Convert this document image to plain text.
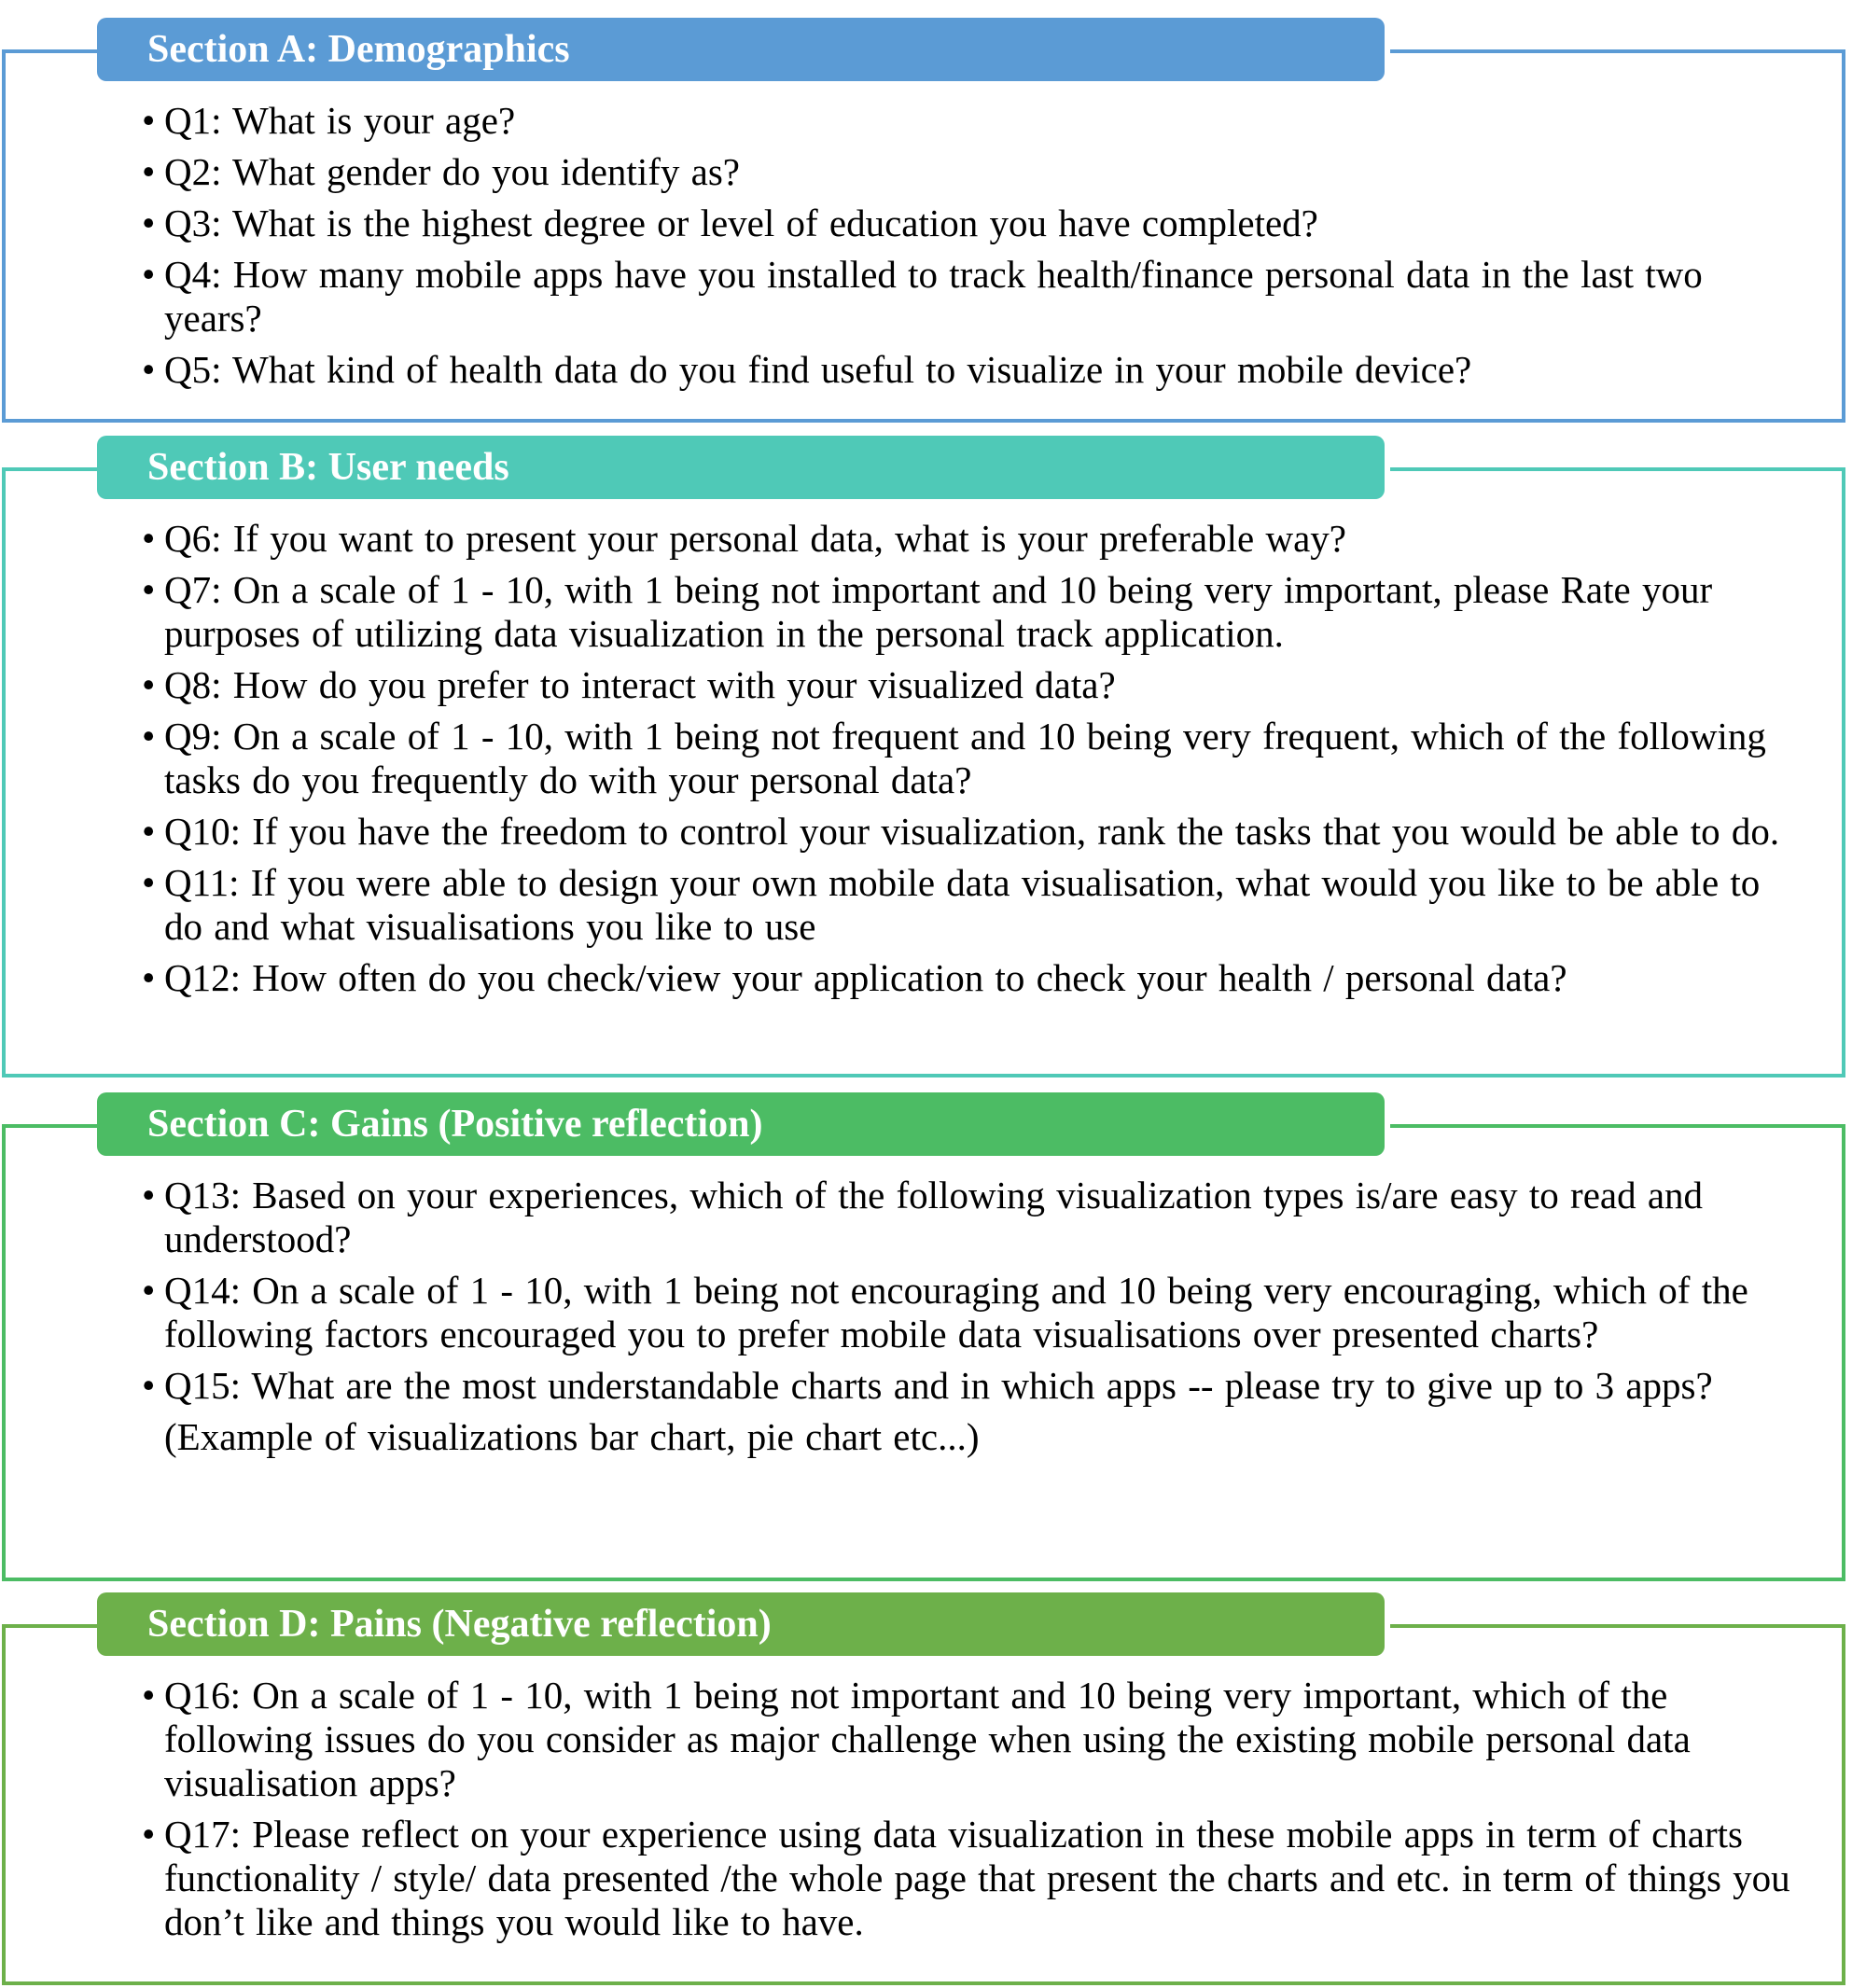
Section A: Demographics
• Q1: What is your age?
• Q2: What gender do you identify as?
• Q3: What is the highest degree or level of education you have completed?
• Q4: How many mobile apps have you installed to track health/finance personal data in the last two years?
• Q5: What kind of health data do you find useful to visualize in your mobile device?
Section B: User needs
• Q6: If you want to present your personal data, what is your preferable way?
• Q7: On a scale of 1 - 10, with 1 being not important and 10 being very important, please Rate your purposes of utilizing data visualization in the personal track application.
• Q8: How do you prefer to interact with your visualized data?
• Q9: On a scale of 1 - 10, with 1 being not frequent and 10 being very frequent, which of the following tasks do you frequently do with your personal data?
• Q10: If you have the freedom to control your visualization, rank the tasks that you would be able to do.
• Q11: If you were able to design your own mobile data visualisation, what would you like to be able to do and what visualisations you like to use
• Q12: How often do you check/view your application to check your health / personal data?
Section C: Gains (Positive reflection)
• Q13: Based on your experiences, which of the following visualization types is/are easy to read and understood?
• Q14: On a scale of 1 - 10, with 1 being not encouraging and 10 being very encouraging, which of the following factors encouraged you to prefer mobile data visualisations over presented charts?
• Q15: What are the most understandable charts and in which apps -- please try to give up to 3 apps?
(Example of visualizations bar chart, pie chart etc...)
Section D: Pains (Negative reflection)
• Q16: On a scale of 1 - 10, with 1 being not important and 10 being very important, which of the following issues do you consider as major challenge when using the existing mobile personal data visualisation apps?
• Q17: Please reflect on your experience using data visualization in these mobile apps in term of charts functionality / style/ data presented /the whole page that present the charts and etc. in term of things you don’t like and things you would like to have.
